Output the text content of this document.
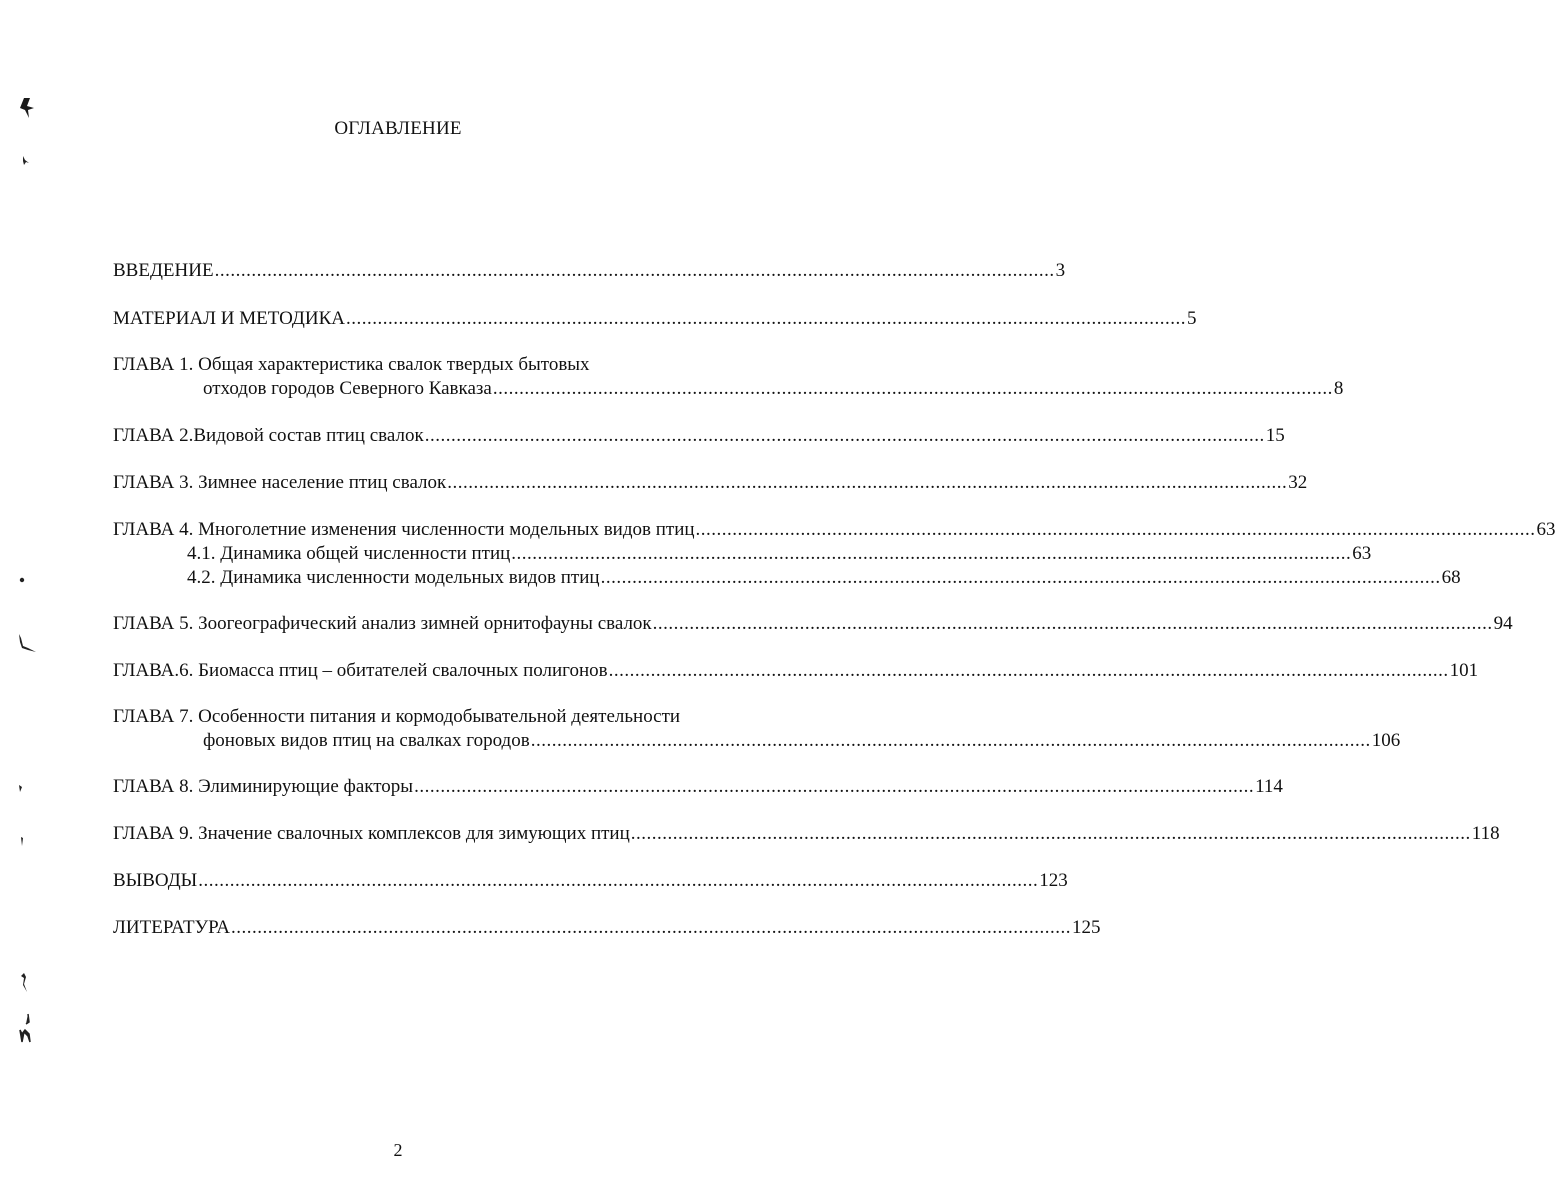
ОГЛАВЛЕНИЕ
ВВЕДЕНИЕ ................................................................................................................................................................ 3
МАТЕРИАЛ И МЕТОДИКА ................................................................................................................................................................ 5
ГЛАВА 1. Общая характеристика свалок твердых бытовых
отходов городов Северного Кавказа ................................................................................................................................................................ 8
ГЛАВА 2.Видовой состав птиц свалок ................................................................................................................................................................ 15
ГЛАВА 3. Зимнее население птиц свалок ................................................................................................................................................................ 32
ГЛАВА 4. Многолетние изменения численности модельных видов птиц ................................................................................................................................................................ 63
4.1. Динамика общей численности птиц ................................................................................................................................................................ 63
4.2. Динамика численности модельных видов птиц ................................................................................................................................................................ 68
ГЛАВА 5. Зоогеографический анализ зимней орнитофауны свалок ................................................................................................................................................................ 94
ГЛАВА.6. Биомасса птиц – обитателей свалочных полигонов ................................................................................................................................................................ 101
ГЛАВА 7. Особенности питания и кормодобывательной деятельности
фоновых видов птиц на свалках городов ................................................................................................................................................................ 106
ГЛАВА 8. Элиминирующие факторы ................................................................................................................................................................ 114
ГЛАВА 9. Значение свалочных комплексов для зимующих птиц ................................................................................................................................................................ 118
ВЫВОДЫ ................................................................................................................................................................ 123
ЛИТЕРАТУРА ................................................................................................................................................................ 125
2
